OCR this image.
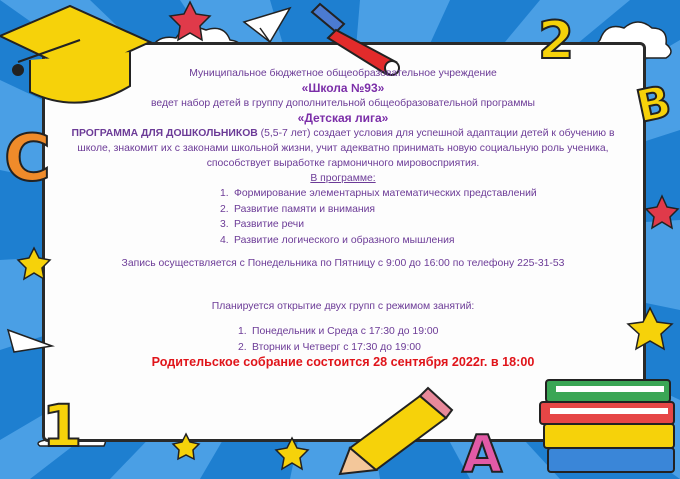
2
В
С
1	А

Муниципальное бюджетное общеобразовательное учреждение

«Школа №93»

ведет набор детей в группу дополнительной общеобразовательной программы

«Детская лига»

ПРОГРАММА ДЛЯ ДОШКОЛЬНИКОВ (5,5-7 лет) создает условия для успешной адаптации детей к обучению в школе, знакомит их с законами школьной жизни, учит адекватно принимать новую социальную роль ученика, способствует выработке гармоничного мировосприятия.

В программе:

1. Формирование элементарных математических представлений
2. Развитие памяти и внимания
3. Развитие речи
4. Развитие логического и образного мышления

Запись осуществляется с Понедельника по Пятницу с 9:00 до 16:00 по телефону 225-31-53

Планируется открытие двух групп с режимом занятий:

1. Понедельник и Среда с 17:30 до 19:00
2. Вторник и Четверг с 17:30 до 19:00

Родительское собрание состоится 28 сентября 2022г. в 18:00
